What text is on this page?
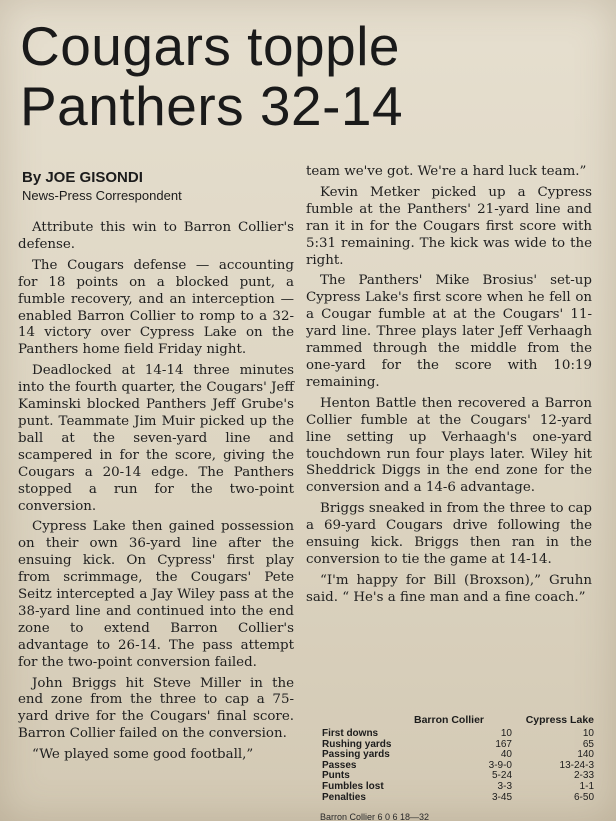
Cougars topple
Panthers 32-14
By JOE GISONDI
News-Press Correspondent

Attribute this win to Barron Collier's defense.

The Cougars defense — accounting for 18 points on a blocked punt, a fumble recovery, and an interception — enabled Barron Collier to romp to a 32-14 victory over Cypress Lake on the Panthers home field Friday night.

Deadlocked at 14-14 three minutes into the fourth quarter, the Cougars' Jeff Kaminski blocked Panthers Jeff Grube's punt. Teammate Jim Muir picked up the ball at the seven-yard line and scampered in for the score, giving the Cougars a 20-14 edge. The Panthers stopped a run for the two-point conversion.

Cypress Lake then gained possession on their own 36-yard line after the ensuing kick. On Cypress' first play from scrimmage, the Cougars' Pete Seitz intercepted a Jay Wiley pass at the 38-yard line and continued into the end zone to extend Barron Collier's advantage to 26-14. The pass attempt for the two-point conversion failed.

John Briggs hit Steve Miller in the end zone from the three to cap a 75-yard drive for the Cougars' final score. Barron Collier failed on the conversion.

“We played some good football,”

team we've got. We're a hard luck team.”

Kevin Metker picked up a Cypress fumble at the Panthers' 21-yard line and ran it in for the Cougars first score with 5:31 remaining. The kick was wide to the right.

The Panthers' Mike Brosius' set-up Cypress Lake's first score when he fell on a Cougar fumble at at the Cougars' 11-yard line. Three plays later Jeff Verhaagh rammed through the middle from the one-yard for the score with 10:19 remaining.

Henton Battle then recovered a Barron Collier fumble at the Cougars' 12-yard line setting up Verhaagh's one-yard touchdown run four plays later. Wiley hit Sheddrick Diggs in the end zone for the conversion and a 14-6 advantage.

Briggs sneaked in from the three to cap a 69-yard Cougars drive following the ensuing kick. Briggs then ran in the conversion to tie the game at 14-14.

“I'm happy for Bill (Broxson),” Gruhn said. “ He's a fine man and a fine coach.”

Barron Collier	Cypress Lake
First downs	10	10
Rushing yards	167	65
Passing yards	40	140
Passes	3-9-0	13-24-3
Punts	5-24	2-33
Fumbles lost	3-3	1-1
Penalties	3-45	6-50
Barron Collier 6 0 6 18—32
